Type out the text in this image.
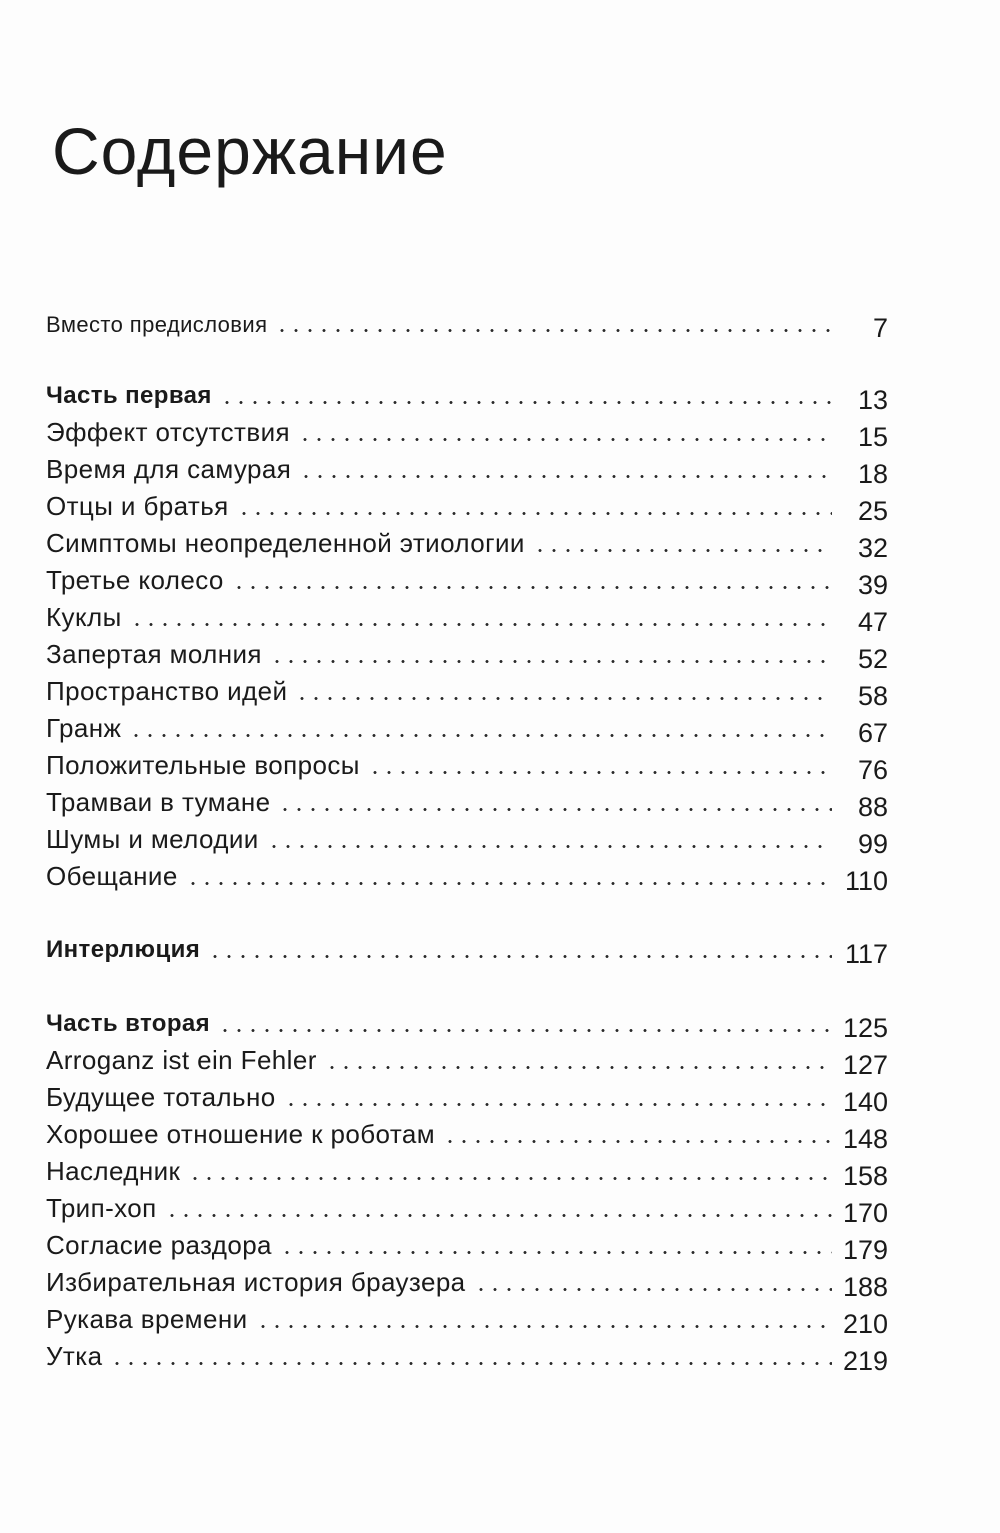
Содержание
Вместо предисловия	7
Часть первая	13
Эффект отсутствия	15
Время для самурая	18
Отцы и братья	25
Симптомы неопределенной этиологии	32
Третье колесо	39
Куклы	47
Запертая молния	52
Пространство идей	58
Гранж	67
Положительные вопросы	76
Трамваи в тумане	88
Шумы и мелодии	99
Обещание	110
Интерлюция	117
Часть вторая	125
Arroganz ist ein Fehler	127
Будущее тотально	140
Хорошее отношение к роботам	148
Наследник	158
Трип-хоп	170
Согласие раздора	179
Избирательная история браузера	188
Рукава времени	210
Утка	219
